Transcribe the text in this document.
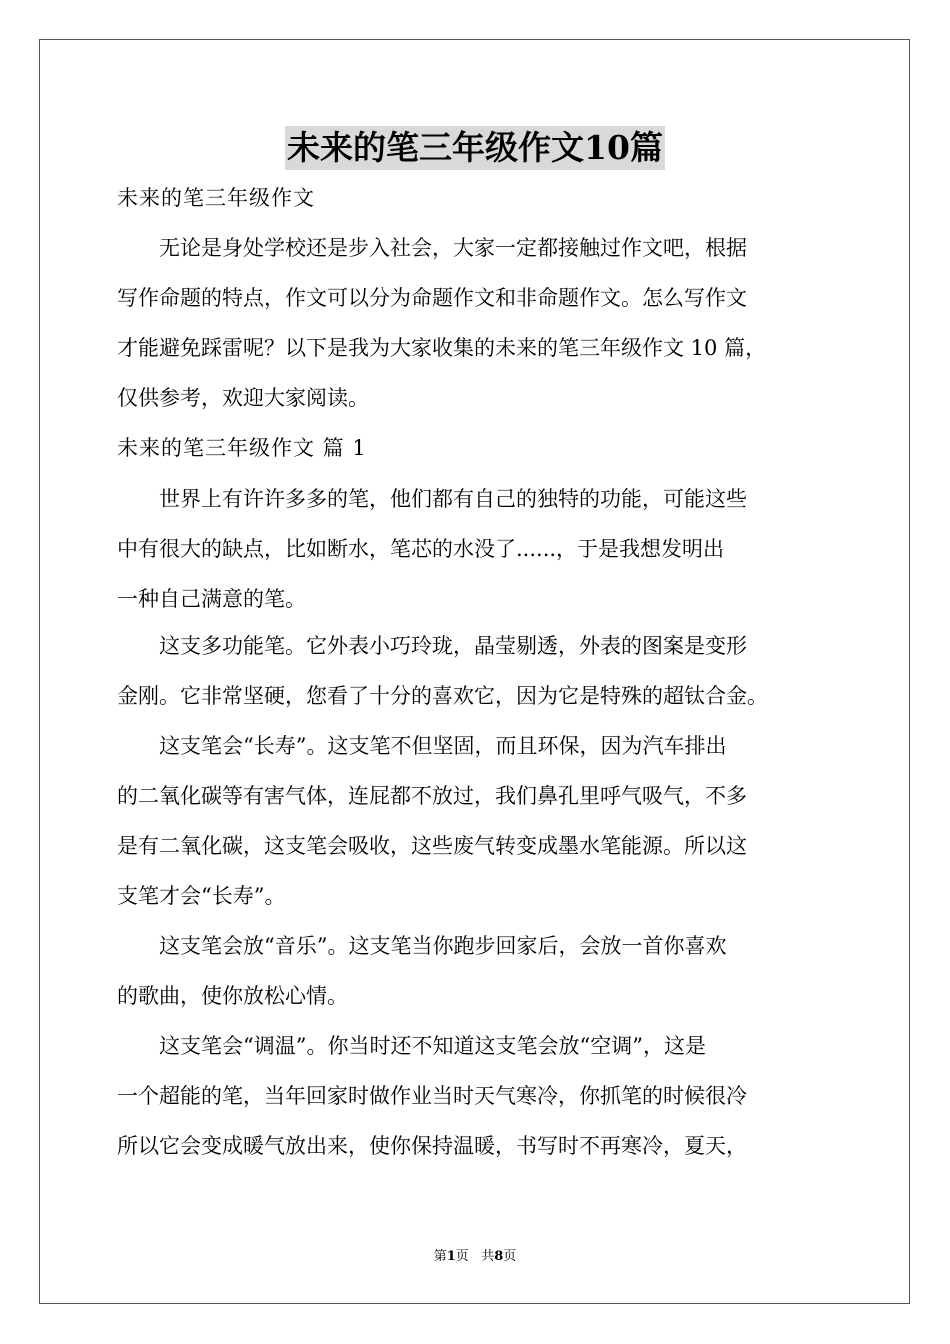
未来的笔三年级作文10篇
未来的笔三年级作文
　　无论是身处学校还是步入社会，大家一定都接触过作文吧，根据
写作命题的特点，作文可以分为命题作文和非命题作文。怎么写作文
才能避免踩雷呢？以下是我为大家收集的未来的笔三年级作文 10 篇，
仅供参考，欢迎大家阅读。
未来的笔三年级作文 篇 1
　　世界上有许许多多的笔，他们都有自己的独特的功能，可能这些
中有很大的缺点，比如断水，笔芯的水没了......，于是我想发明出
一种自己满意的笔。
　　这支多功能笔。它外表小巧玲珑，晶莹剔透，外表的图案是变形
金刚。它非常坚硬，您看了十分的喜欢它，因为它是特殊的超钛合金。
　　这支笔会“长寿”。这支笔不但坚固，而且环保，因为汽车排出
的二氧化碳等有害气体，连屁都不放过，我们鼻孔里呼气吸气，不多
是有二氧化碳，这支笔会吸收，这些废气转变成墨水笔能源。所以这
支笔才会“长寿”。
　　这支笔会放“音乐”。这支笔当你跑步回家后，会放一首你喜欢
的歌曲，使你放松心情。
　　这支笔会“调温”。你当时还不知道这支笔会放“空调”，这是
一个超能的笔，当年回家时做作业当时天气寒冷，你抓笔的时候很冷
所以它会变成暖气放出来，使你保持温暖，书写时不再寒冷，夏天，
第1页 共8页
